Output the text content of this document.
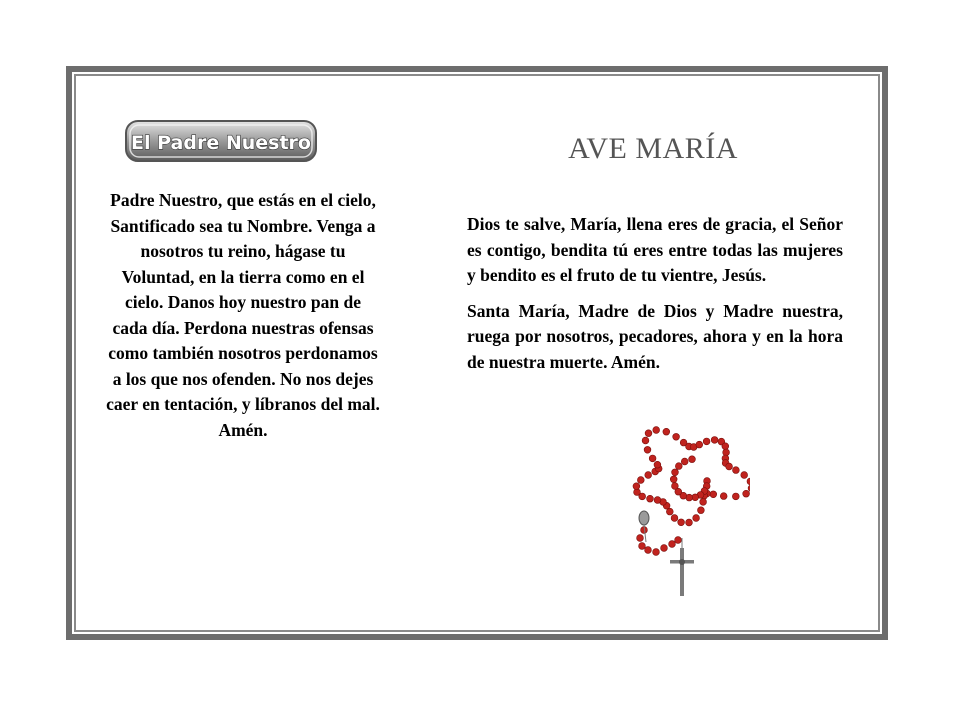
El Padre Nuestro

Padre Nuestro, que estás en el cielo, Santificado sea tu Nombre. Venga a nosotros tu reino, hágase tu Voluntad, en la tierra como en el cielo. Danos hoy nuestro pan de cada día. Perdona nuestras ofensas como también nosotros perdonamos a los que nos ofenden. No nos dejes caer en tentación, y líbranos del mal. Amén.

AVE MARÍA

Dios te salve, María, llena eres de gracia, el Señor es contigo, bendita tú eres entre todas las mujeres y bendito es el fruto de tu vientre, Jesús.

Santa María, Madre de Dios y Madre nuestra, ruega por nosotros, pecadores, ahora y en la hora de nuestra muerte. Amén.
